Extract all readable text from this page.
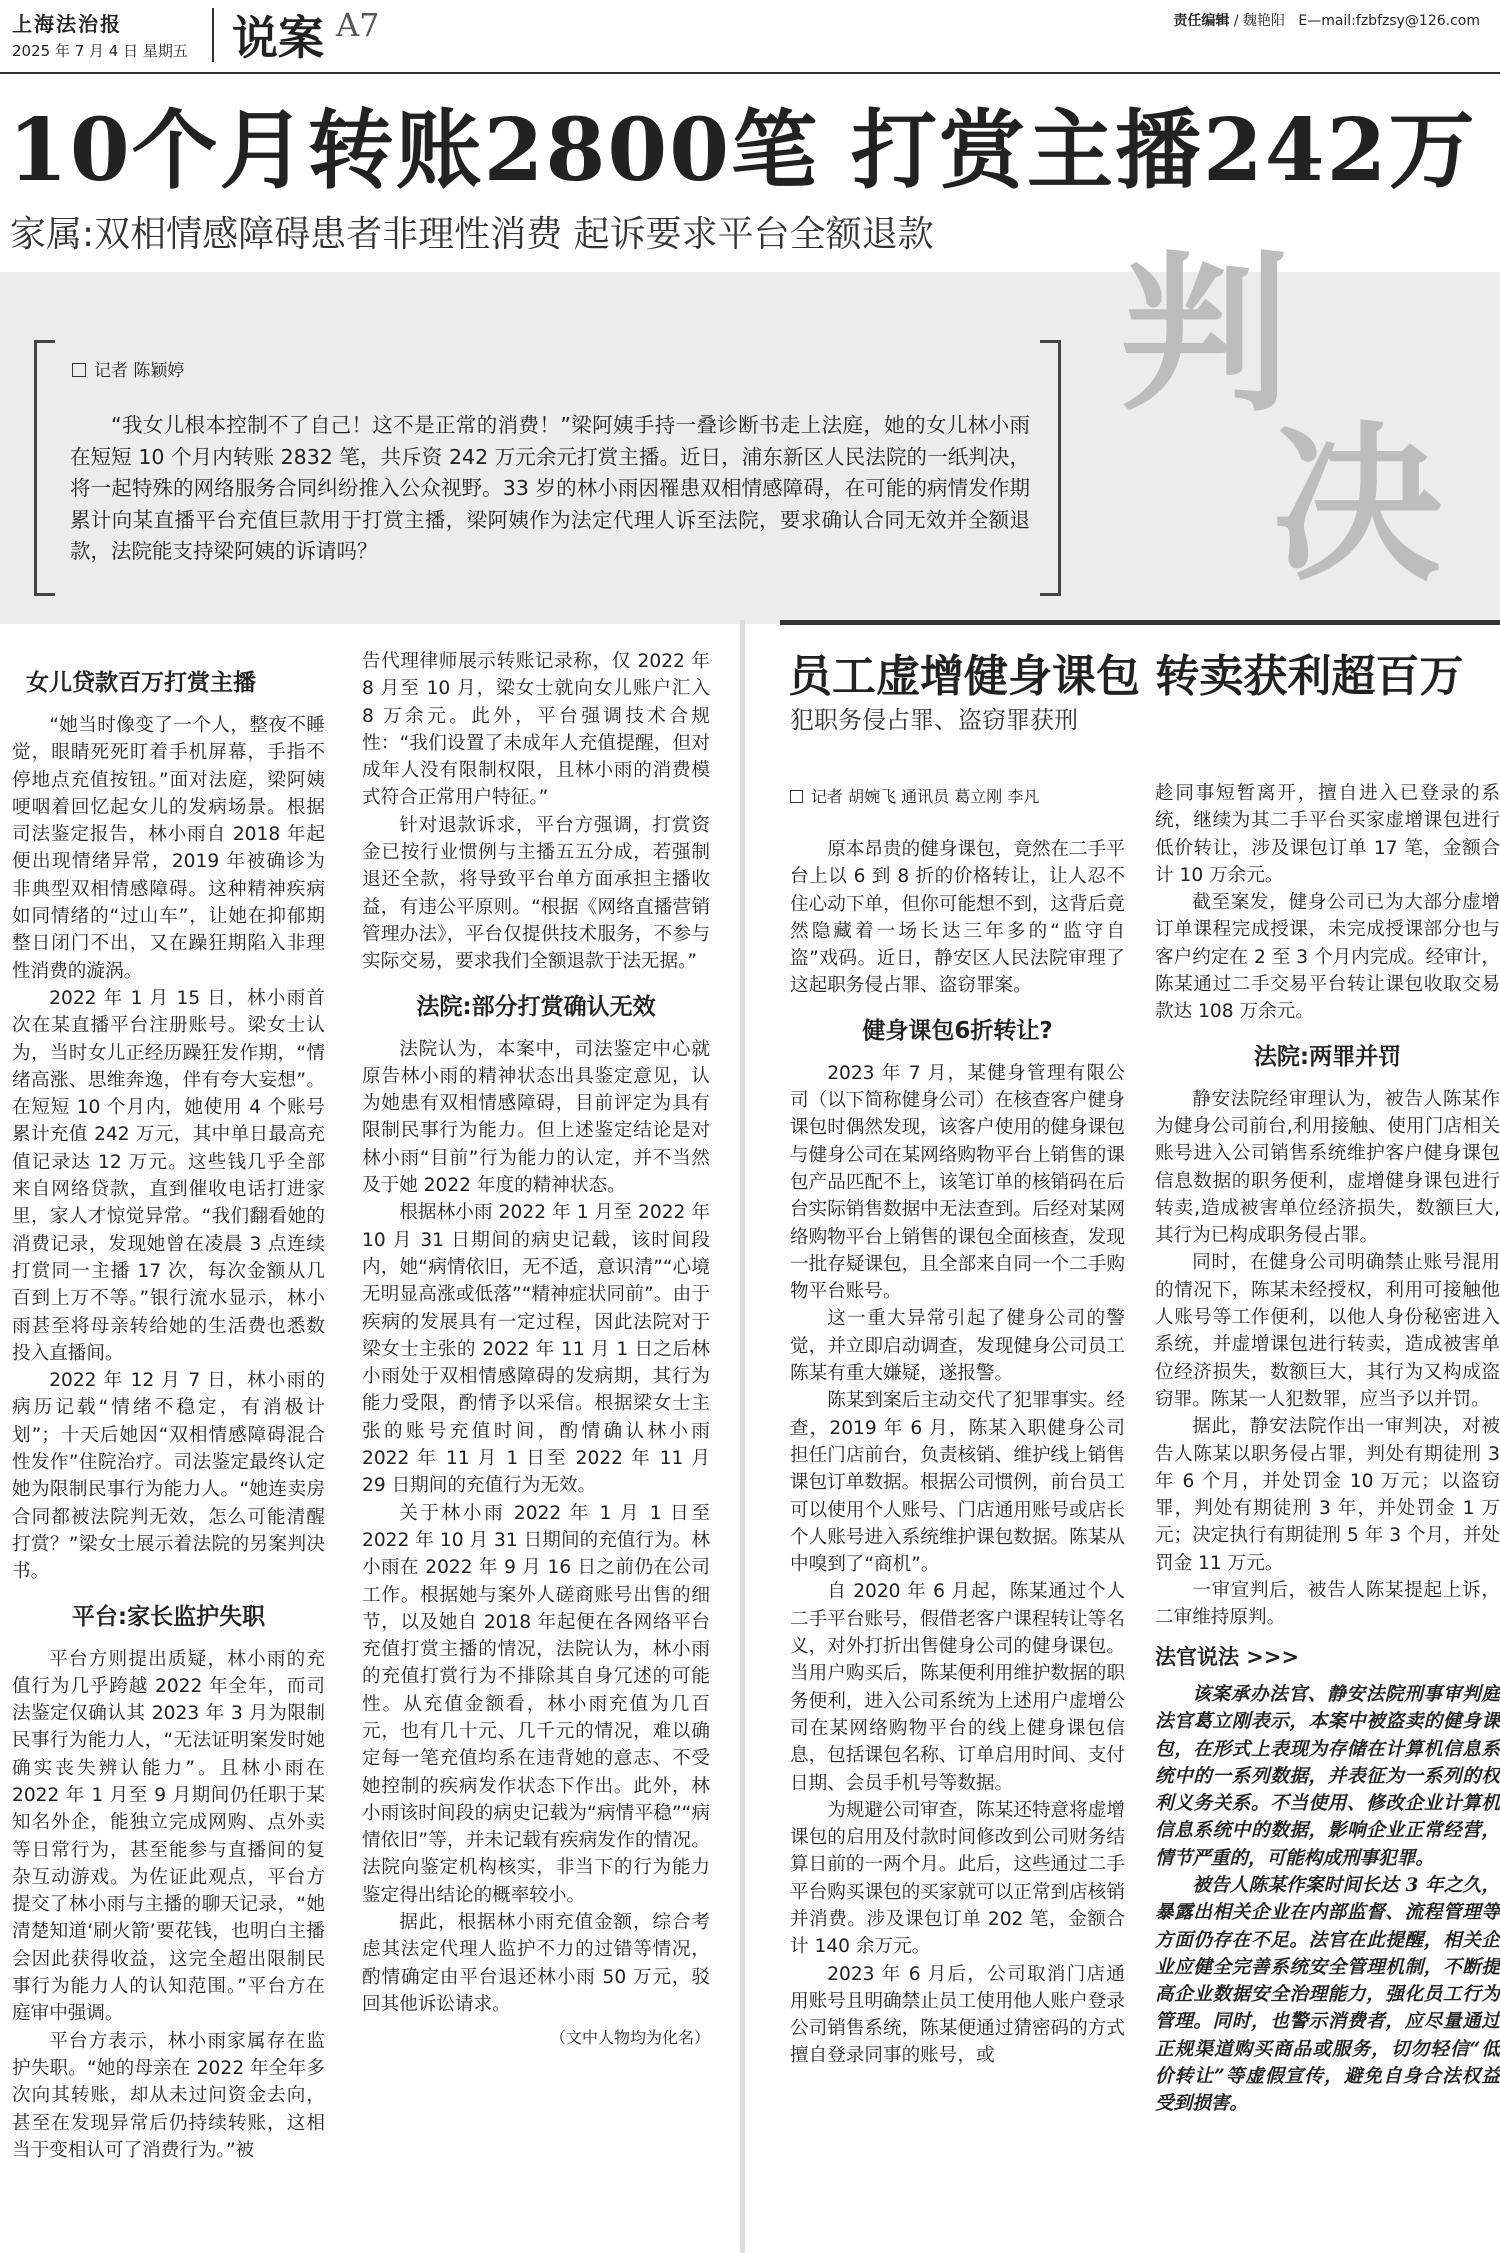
上海法治报
2025 年 7 月 4 日 星期五 说案 A7	责任编辑 / 魏艳阳 E—mail:fzbfzsy@126.com
10个月转账2800笔 打赏主播242万
家属:双相情感障碍患者非理性消费 起诉要求平台全额退款
判
决
记者 陈颖婷
“我女儿根本控制不了自己！这不是正常的消费！”梁阿姨手持一叠诊断书走上法庭，她的女儿林小雨在短短 10 个月内转账 2832 笔，共斥资 242 万元余元打赏主播。近日，浦东新区人民法院的一纸判决，将一起特殊的网络服务合同纠纷推入公众视野。33 岁的林小雨因罹患双相情感障碍，在可能的病情发作期累计向某直播平台充值巨款用于打赏主播，梁阿姨作为法定代理人诉至法院，要求确认合同无效并全额退款，法院能支持梁阿姨的诉请吗？
女儿贷款百万打赏主播

“她当时像变了一个人，整夜不睡觉，眼睛死死盯着手机屏幕，手指不停地点充值按钮。”面对法庭，梁阿姨哽咽着回忆起女儿的发病场景。根据司法鉴定报告，林小雨自 2018 年起便出现情绪异常，2019 年被确诊为非典型双相情感障碍。这种精神疾病如同情绪的“过山车”，让她在抑郁期整日闭门不出，又在躁狂期陷入非理性消费的漩涡。

2022 年 1 月 15 日，林小雨首次在某直播平台注册账号。梁女士认为，当时女儿正经历躁狂发作期，“情绪高涨、思维奔逸，伴有夸大妄想”。在短短 10 个月内，她使用 4 个账号累计充值 242 万元，其中单日最高充值记录达 12 万元。这些钱几乎全部来自网络贷款，直到催收电话打进家里，家人才惊觉异常。“我们翻看她的消费记录，发现她曾在凌晨 3 点连续打赏同一主播 17 次，每次金额从几百到上万不等。”银行流水显示，林小雨甚至将母亲转给她的生活费也悉数投入直播间。

2022 年 12 月 7 日，林小雨的病历记载“情绪不稳定，有消极计划”；十天后她因“双相情感障碍混合性发作”住院治疗。司法鉴定最终认定她为限制民事行为能力人。“她连卖房合同都被法院判无效，怎么可能清醒打赏？”梁女士展示着法院的另案判决书。

平台:家长监护失职

平台方则提出质疑，林小雨的充值行为几乎跨越 2022 年全年，而司法鉴定仅确认其 2023 年 3 月为限制民事行为能力人，“无法证明案发时她确实丧失辨认能力”。且林小雨在 2022 年 1 月至 9 月期间仍任职于某知名外企，能独立完成网购、点外卖等日常行为，甚至能参与直播间的复杂互动游戏。为佐证此观点，平台方提交了林小雨与主播的聊天记录，“她清楚知道‘刷火箭’要花钱，也明白主播会因此获得收益，这完全超出限制民事行为能力人的认知范围。”平台方在庭审中强调。

平台方表示，林小雨家属存在监护失职。“她的母亲在 2022 年全年多次向其转账，却从未过问资金去向，甚至在发现异常后仍持续转账，这相当于变相认可了消费行为。”被

告代理律师展示转账记录称，仅 2022 年 8 月至 10 月，梁女士就向女儿账户汇入 8 万余元。此外，平台强调技术合规性：“我们设置了未成年人充值提醒，但对成年人没有限制权限，且林小雨的消费模式符合正常用户特征。”

针对退款诉求，平台方强调，打赏资金已按行业惯例与主播五五分成，若强制退还全款，将导致平台单方面承担主播收益，有违公平原则。“根据《网络直播营销管理办法》，平台仅提供技术服务，不参与实际交易，要求我们全额退款于法无据。”

法院:部分打赏确认无效

法院认为，本案中，司法鉴定中心就原告林小雨的精神状态出具鉴定意见，认为她患有双相情感障碍，目前评定为具有限制民事行为能力。但上述鉴定结论是对林小雨“目前”行为能力的认定，并不当然及于她 2022 年度的精神状态。

根据林小雨 2022 年 1 月至 2022 年 10 月 31 日期间的病史记载，该时间段内，她“病情依旧，无不适，意识清”“心境无明显高涨或低落”“精神症状同前”。由于疾病的发展具有一定过程，因此法院对于梁女士主张的 2022 年 11 月 1 日之后林小雨处于双相情感障碍的发病期，其行为能力受限，酌情予以采信。根据梁女士主张的账号充值时间，酌情确认林小雨 2022 年 11 月 1 日至 2022 年 11 月 29 日期间的充值行为无效。

关于林小雨 2022 年 1 月 1 日至 2022 年 10 月 31 日期间的充值行为。林小雨在 2022 年 9 月 16 日之前仍在公司工作。根据她与案外人磋商账号出售的细节，以及她自 2018 年起便在各网络平台充值打赏主播的情况，法院认为，林小雨的充值打赏行为不排除其自身冗述的可能性。从充值金额看，林小雨充值为几百元，也有几十元、几千元的情况，难以确定每一笔充值均系在违背她的意志、不受她控制的疾病发作状态下作出。此外，林小雨该时间段的病史记载为“病情平稳”“病情依旧”等，并未记载有疾病发作的情况。法院向鉴定机构核实，非当下的行为能力鉴定得出结论的概率较小。

据此，根据林小雨充值金额，综合考虑其法定代理人监护不力的过错等情况，酌情确定由平台退还林小雨 50 万元，驳回其他诉讼请求。

（文中人物均为化名）
员工虚增健身课包 转卖获利超百万
犯职务侵占罪、盗窃罪获刑
记者 胡婉飞 通讯员 葛立刚 李凡

原本昂贵的健身课包，竟然在二手平台上以 6 到 8 折的价格转让，让人忍不住心动下单，但你可能想不到，这背后竟然隐藏着一场长达三年多的“监守自盗”戏码。近日，静安区人民法院审理了这起职务侵占罪、盗窃罪案。

健身课包6折转让?

2023 年 7 月，某健身管理有限公司（以下简称健身公司）在核查客户健身课包时偶然发现，该客户使用的健身课包与健身公司在某网络购物平台上销售的课包产品匹配不上，该笔订单的核销码在后台实际销售数据中无法查到。后经对某网络购物平台上销售的课包全面核查，发现一批存疑课包，且全部来自同一个二手购物平台账号。

这一重大异常引起了健身公司的警觉，并立即启动调查，发现健身公司员工陈某有重大嫌疑，遂报警。

陈某到案后主动交代了犯罪事实。经查，2019 年 6 月，陈某入职健身公司担任门店前台，负责核销、维护线上销售课包订单数据。根据公司惯例，前台员工可以使用个人账号、门店通用账号或店长个人账号进入系统维护课包数据。陈某从中嗅到了“商机”。

自 2020 年 6 月起，陈某通过个人二手平台账号，假借老客户课程转让等名义，对外打折出售健身公司的健身课包。当用户购买后，陈某便利用维护数据的职务便利，进入公司系统为上述用户虚增公司在某网络购物平台的线上健身课包信息，包括课包名称、订单启用时间、支付日期、会员手机号等数据。

为规避公司审查，陈某还特意将虚增课包的启用及付款时间修改到公司财务结算日前的一两个月。此后，这些通过二手平台购买课包的买家就可以正常到店核销并消费。涉及课包订单 202 笔，金额合计 140 余万元。

2023 年 6 月后，公司取消门店通用账号且明确禁止员工使用他人账户登录公司销售系统，陈某便通过猜密码的方式擅自登录同事的账号，或

趁同事短暂离开，擅自进入已登录的系统，继续为其二手平台买家虚增课包进行低价转让，涉及课包订单 17 笔，金额合计 10 万余元。

截至案发，健身公司已为大部分虚增订单课程完成授课，未完成授课部分也与客户约定在 2 至 3 个月内完成。经审计，陈某通过二手交易平台转让课包收取交易款达 108 万余元。

法院:两罪并罚

静安法院经审理认为，被告人陈某作为健身公司前台,利用接触、使用门店相关账号进入公司销售系统维护客户健身课包信息数据的职务便利，虚增健身课包进行转卖,造成被害单位经济损失，数额巨大,其行为已构成职务侵占罪。

同时，在健身公司明确禁止账号混用的情况下，陈某未经授权，利用可接触他人账号等工作便利，以他人身份秘密进入系统，并虚增课包进行转卖，造成被害单位经济损失，数额巨大，其行为又构成盗窃罪。陈某一人犯数罪，应当予以并罚。

据此，静安法院作出一审判决，对被告人陈某以职务侵占罪，判处有期徒刑 3 年 6 个月，并处罚金 10 万元；以盗窃罪，判处有期徒刑 3 年，并处罚金 1 万元；决定执行有期徒刑 5 年 3 个月，并处罚金 11 万元。

一审宣判后，被告人陈某提起上诉，二审维持原判。

法官说法 >>>

该案承办法官、静安法院刑事审判庭法官葛立刚表示，本案中被盗卖的健身课包，在形式上表现为存储在计算机信息系统中的一系列数据，并表征为一系列的权利义务关系。不当使用、修改企业计算机信息系统中的数据，影响企业正常经营，情节严重的，可能构成刑事犯罪。

被告人陈某作案时间长达 3 年之久，暴露出相关企业在内部监督、流程管理等方面仍存在不足。法官在此提醒，相关企业应健全完善系统安全管理机制，不断提高企业数据安全治理能力，强化员工行为管理。同时，也警示消费者，应尽量通过正规渠道购买商品或服务，切勿轻信“低价转让”等虚假宣传，避免自身合法权益受到损害。
